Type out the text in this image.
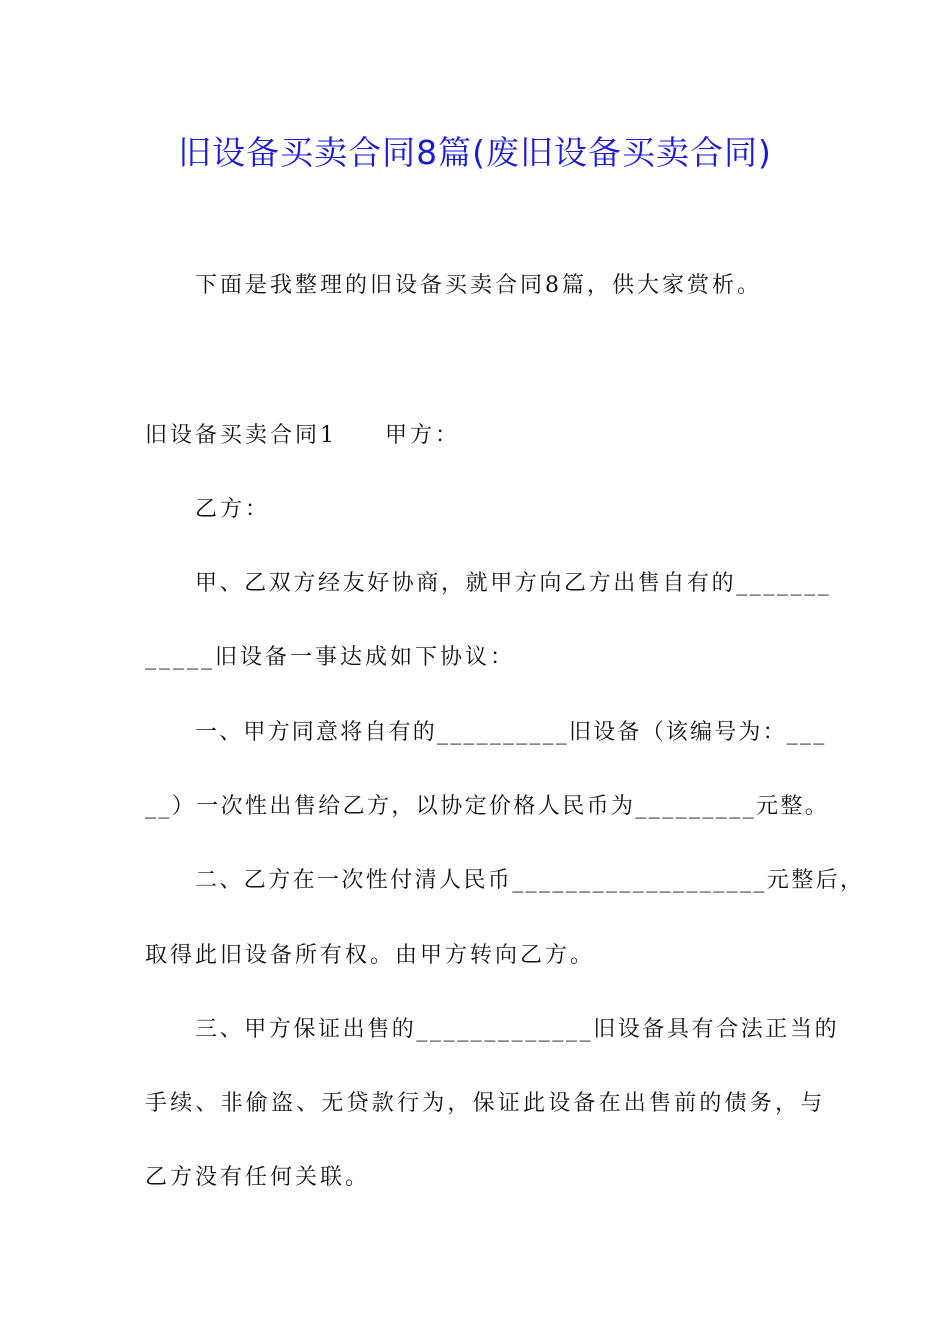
旧设备买卖合同8篇(废旧设备买卖合同)
下面是我整理的旧设备买卖合同8篇，供大家赏析。
旧设备买卖合同1 甲方：
乙方：
甲、乙双方经友好协商，就甲方向乙方出售自有的_______
_____旧设备一事达成如下协议：
一、甲方同意将自有的__________旧设备（该编号为：___
__）一次性出售给乙方，以协定价格人民币为_________元整。
二、乙方在一次性付清人民币___________________元整后，
取得此旧设备所有权。由甲方转向乙方。
三、甲方保证出售的_____________旧设备具有合法正当的
手续、非偷盗、无贷款行为，保证此设备在出售前的债务，与
乙方没有任何关联。
